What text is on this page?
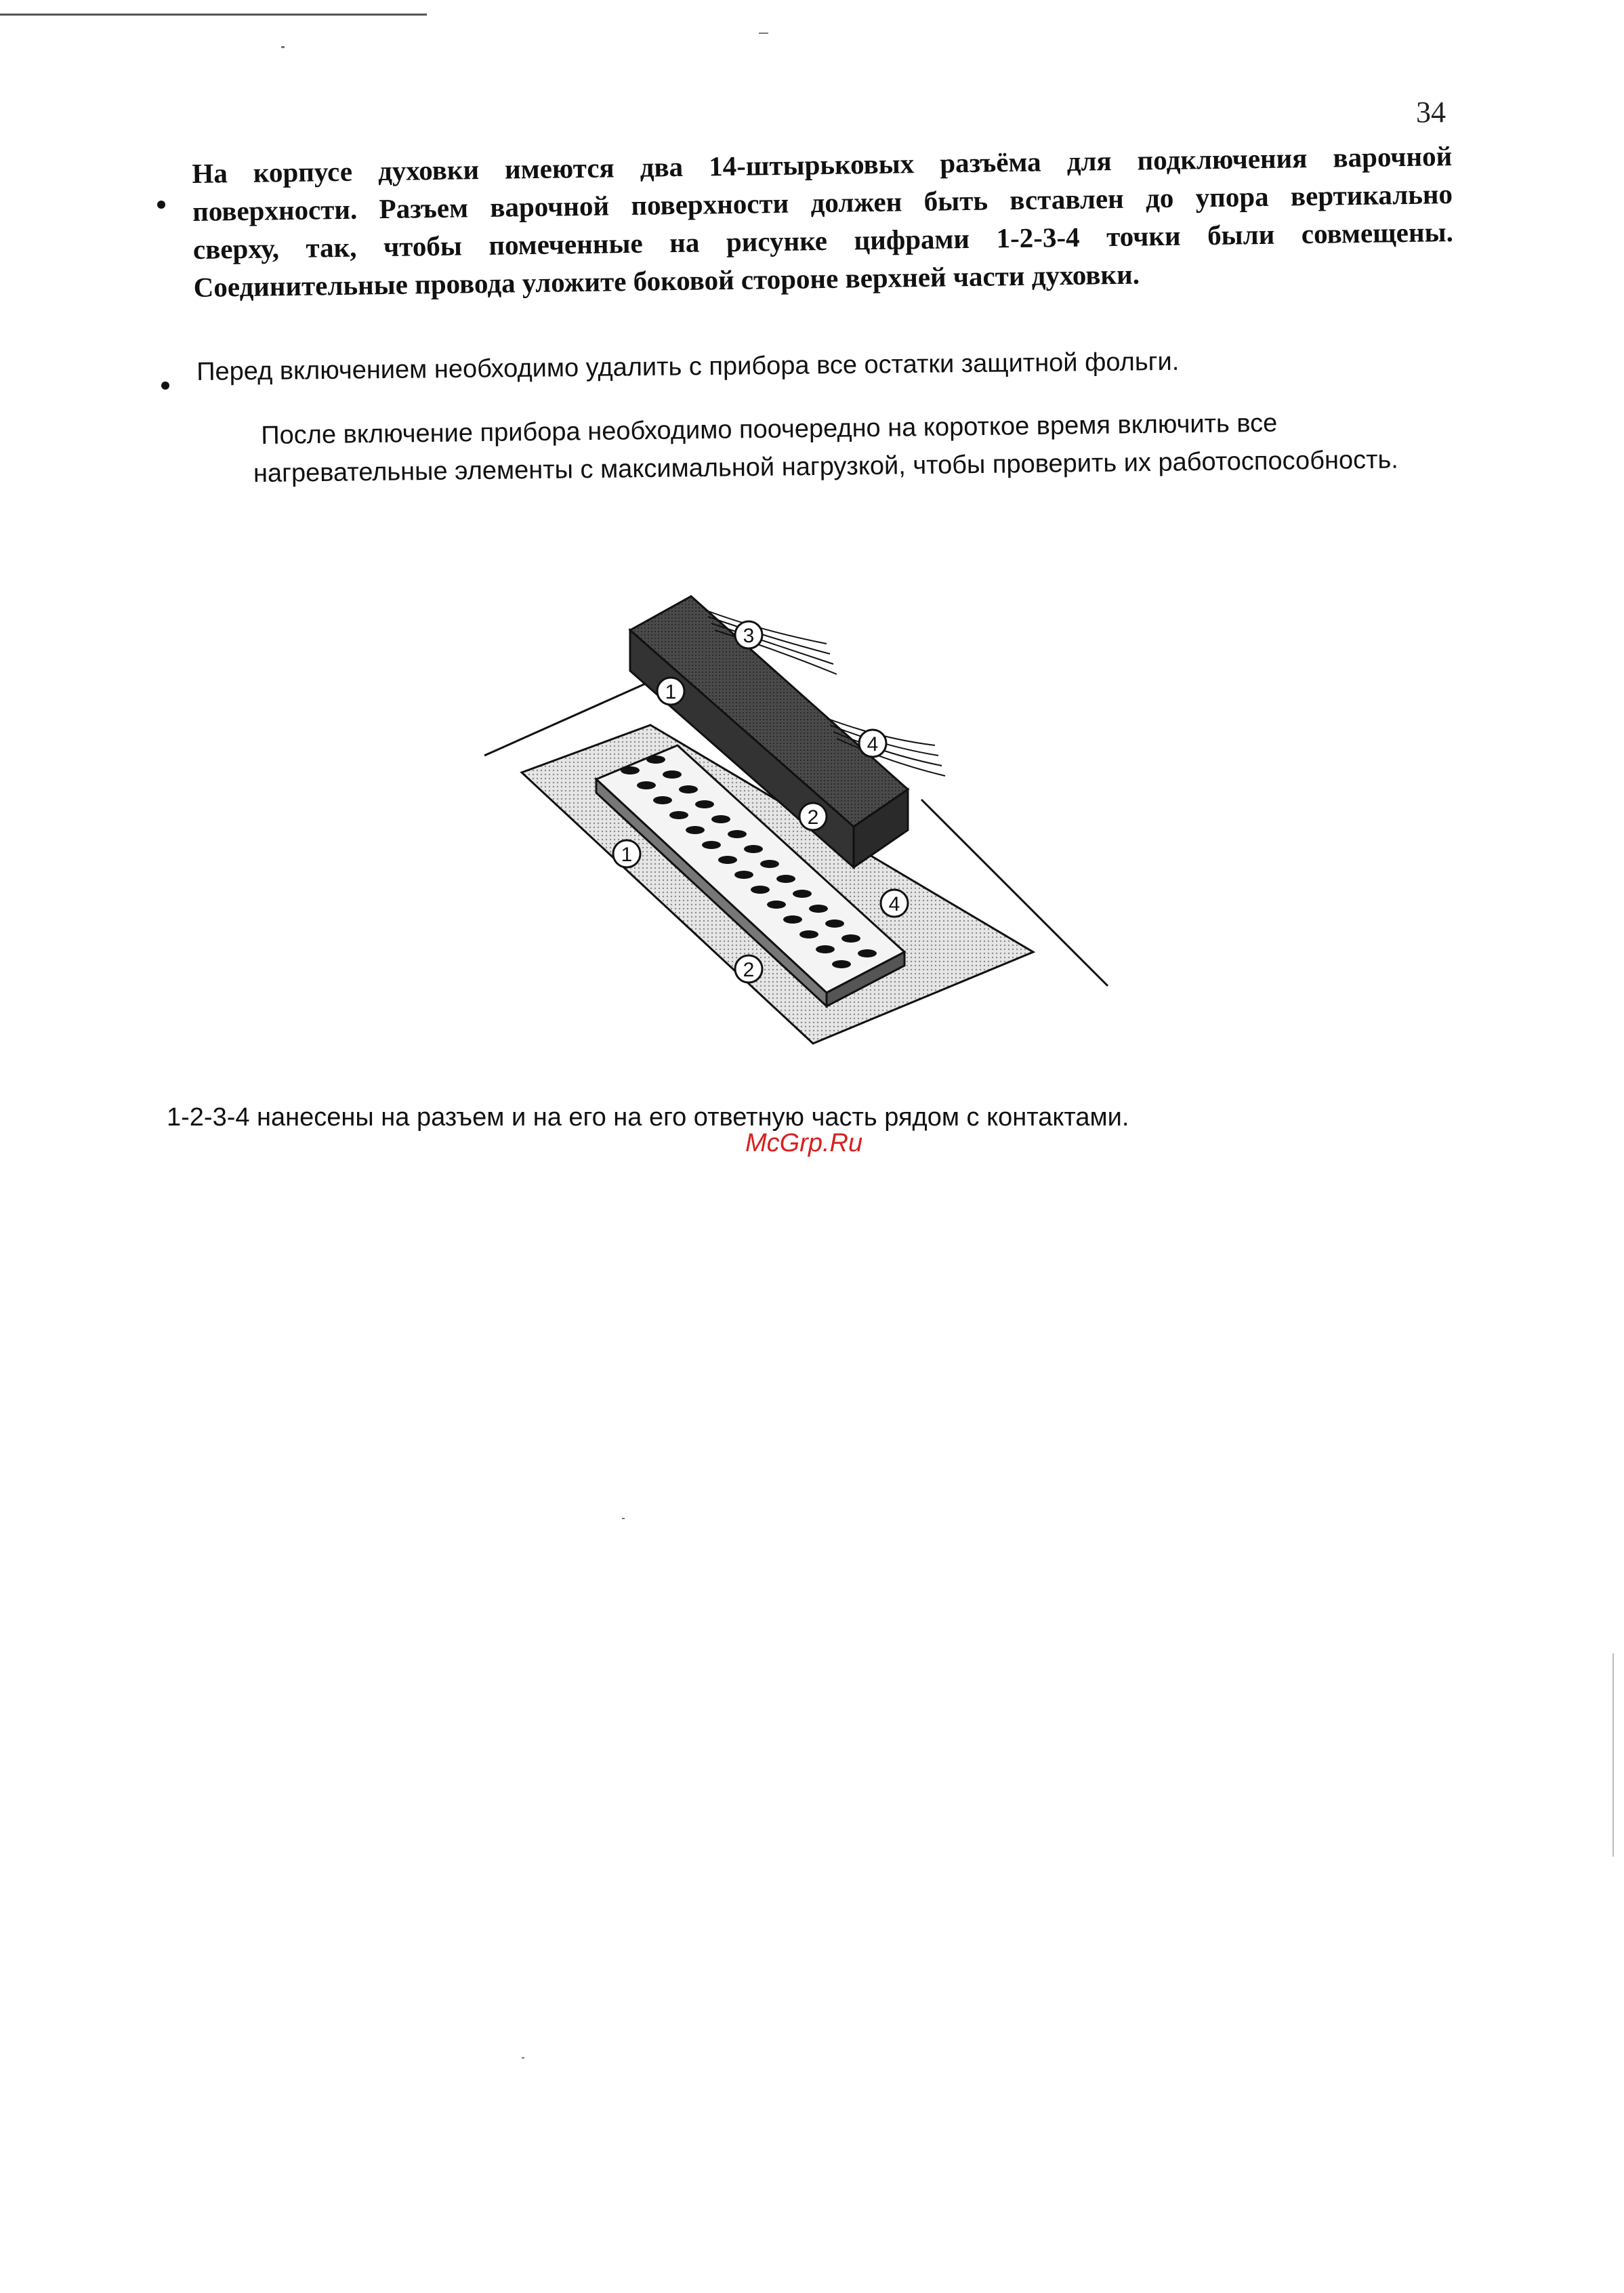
34
На корпусе духовки имеются два 14-штырьковых разъёма для подключения варочной
поверхности. Разъем варочной поверхности должен быть вставлен до упора вертикально
сверху, так, чтобы помеченные на рисунке цифрами 1-2-3-4 точки были совмещены.
Соединительные провода уложите боковой стороне верхней части духовки.
Перед включением необходимо удалить с прибора все остатки защитной фольги.
После включение прибора необходимо поочередно на короткое время включить все
нагревательные элементы с максимальной нагрузкой, чтобы проверить их работоспособность.
1
3
4
2
1
4
2
1-2-3-4 нанесены на разъем и на его на его ответную часть рядом с контактами.
McGrp.Ru
